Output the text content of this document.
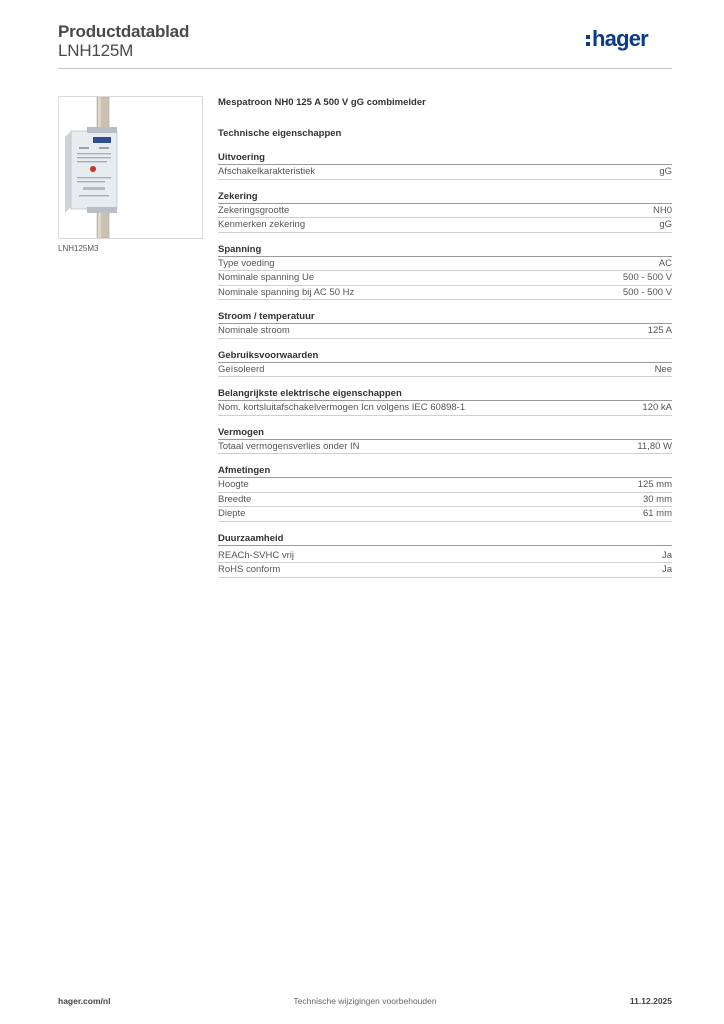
Productdatablad
LNH125M	hager
LNH125M3
Mespatroon NH0 125 A 500 V gG combimelder
Technische eigenschappen
Uitvoering
Afschakelkarakteristiek	gG
Zekering
Zekeringsgrootte	NH0
Kenmerken zekering	gG
Spanning
Type voeding	AC
Nominale spanning Ue	500 - 500 V
Nominale spanning bij AC 50 Hz	500 - 500 V
Stroom / temperatuur
Nominale stroom	125 A
Gebruiksvoorwaarden
Geïsoleerd	Nee
Belangrijkste elektrische eigenschappen
Nom. kortsluitafschakelvermogen Icn volgens IEC 60898-1	120 kA
Vermogen
Totaal vermogensverlies onder IN	11,80 W
Afmetingen
Hoogte	125 mm
Breedte	30 mm
Diepte	61 mm
Duurzaamheid
REACh-SVHC vrij	Ja
RoHS conform	Ja
hager.com/nl	Technische wijzigingen voorbehouden	11.12.2025
